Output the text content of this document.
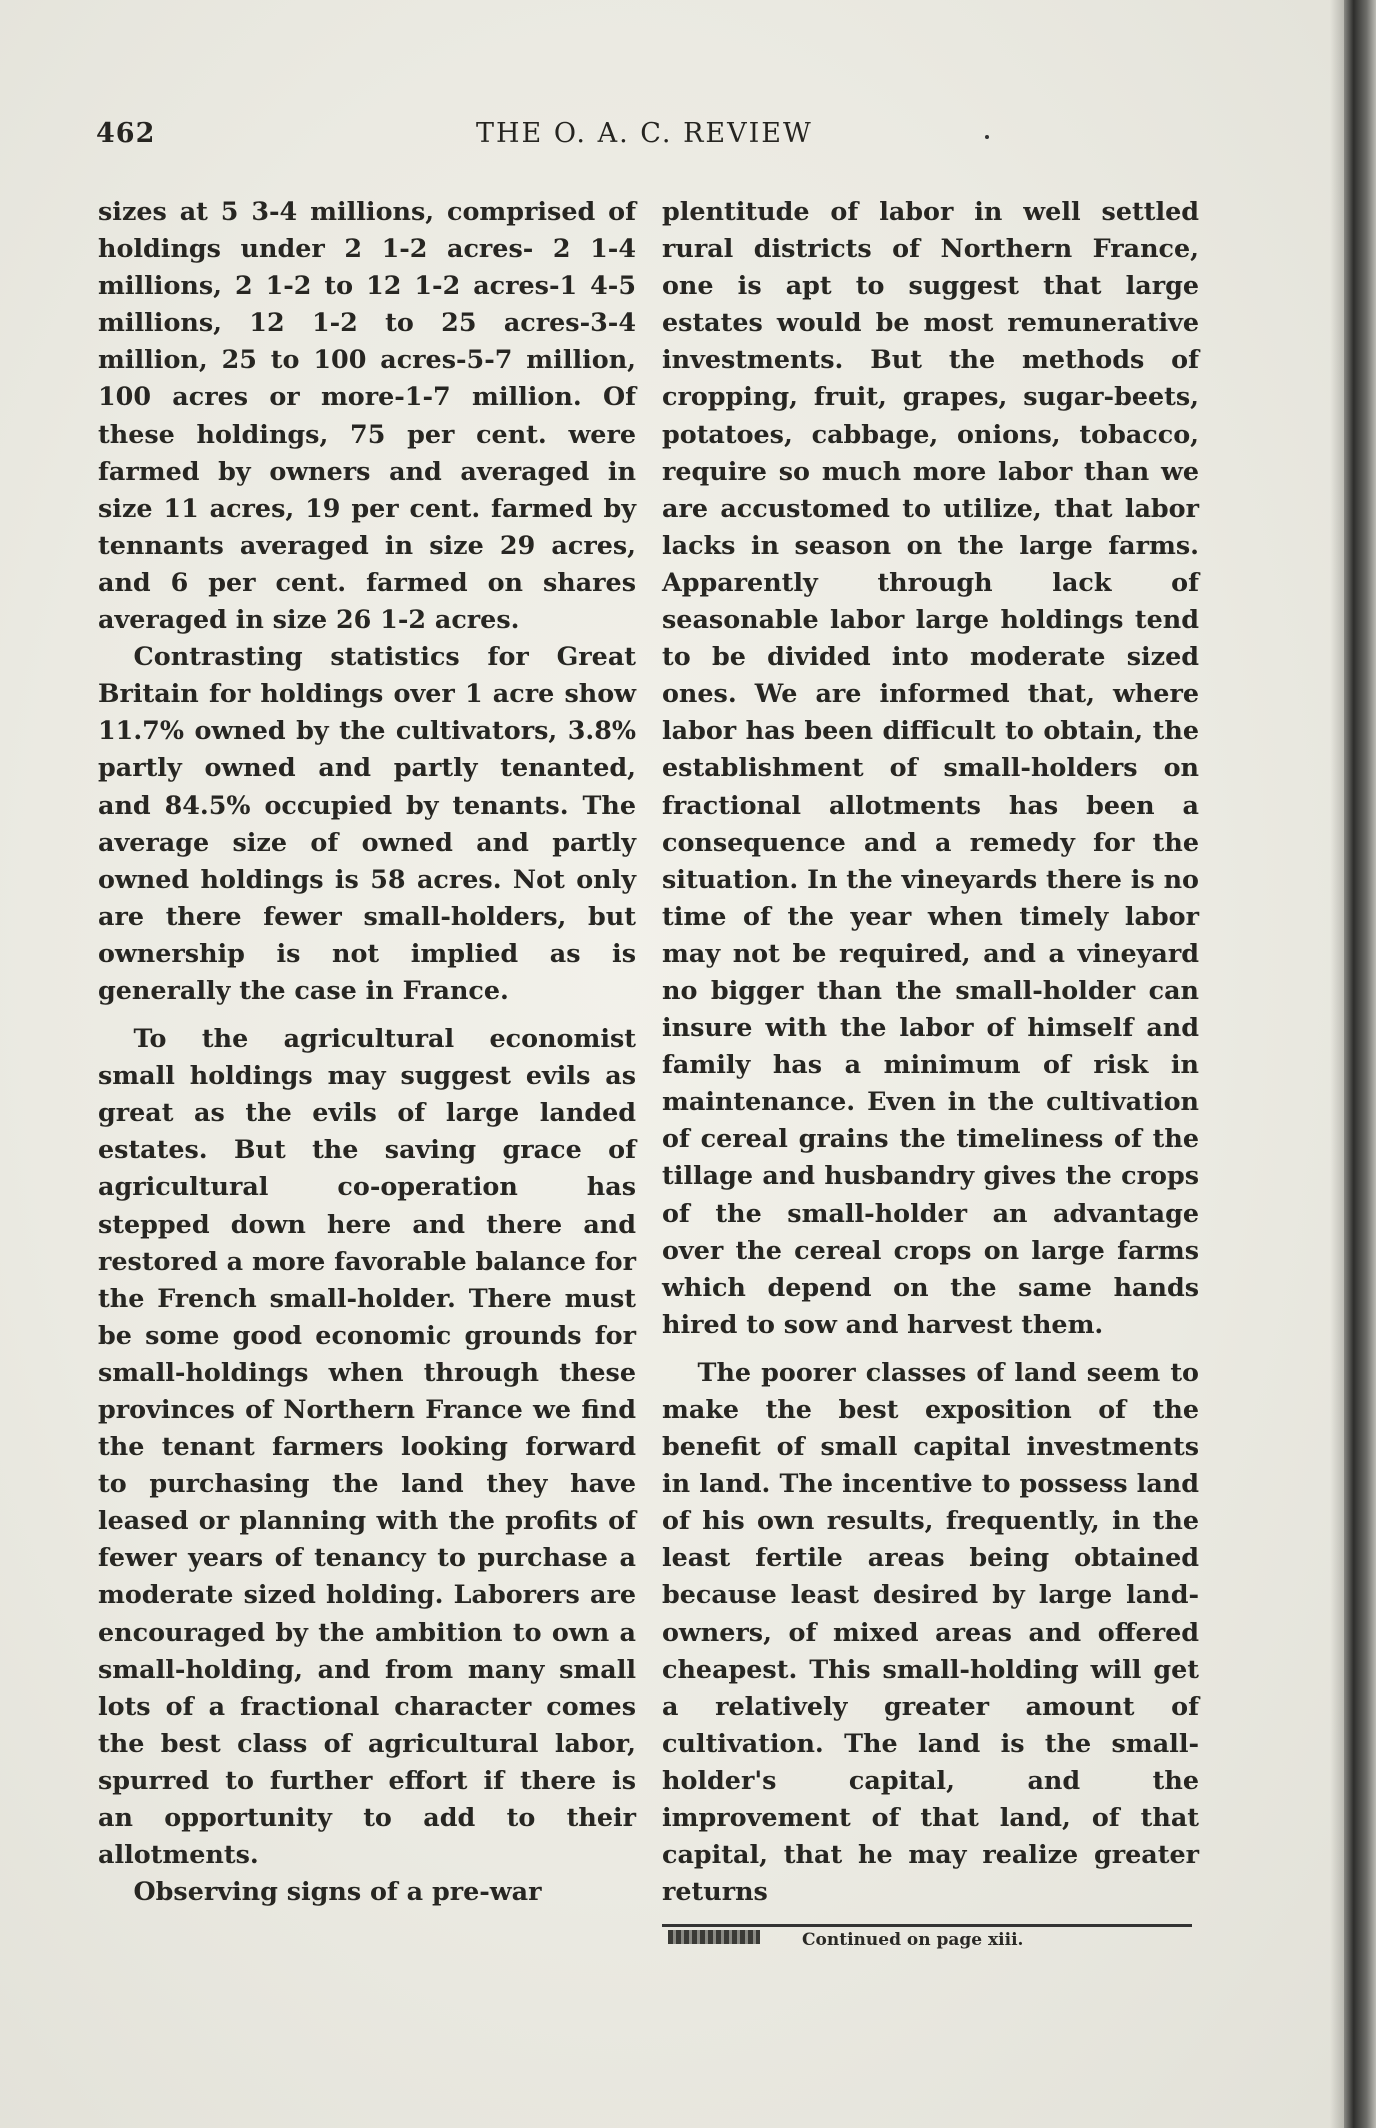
462	THE O. A. C. REVIEW

sizes at 5 3-4 millions, comprised of holdings under 2 1-2 acres- 2 1-4 millions, 2 1-2 to 12 1-2 acres-1 4-5 millions, 12 1-2 to 25 acres-3-4 million, 25 to 100 acres-5-7 million, 100 acres or more-1-7 million. Of these holdings, 75 per cent. were farmed by owners and averaged in size 11 acres, 19 per cent. farmed by tennants averaged in size 29 acres, and 6 per cent. farmed on shares averaged in size 26 1-2 acres.

Contrasting statistics for Great Britain for holdings over 1 acre show 11.7% owned by the cultivators, 3.8% partly owned and partly tenanted, and 84.5% occupied by tenants. The average size of owned and partly owned holdings is 58 acres. Not only are there fewer small-holders, but ownership is not implied as is generally the case in France.

To the agricultural economist small holdings may suggest evils as great as the evils of large landed estates. But the saving grace of agricultural co-operation has stepped down here and there and restored a more favorable balance for the French small-holder. There must be some good economic grounds for small-holdings when through these provinces of Northern France we find the tenant farmers looking forward to purchasing the land they have leased or planning with the profits of fewer years of tenancy to purchase a moderate sized holding. Laborers are encouraged by the ambition to own a small-holding, and from many small lots of a fractional character comes the best class of agricultural labor, spurred to further effort if there is an opportunity to add to their allotments.

Observing signs of a pre-war

plentitude of labor in well settled rural districts of Northern France, one is apt to suggest that large estates would be most remunerative investments. But the methods of cropping, fruit, grapes, sugar-beets, potatoes, cabbage, onions, tobacco, require so much more labor than we are accustomed to utilize, that labor lacks in season on the large farms. Apparently through lack of seasonable labor large holdings tend to be divided into moderate sized ones. We are informed that, where labor has been difficult to obtain, the establishment of small-holders on fractional allotments has been a consequence and a remedy for the situation. In the vineyards there is no time of the year when timely labor may not be required, and a vineyard no bigger than the small-holder can insure with the labor of himself and family has a minimum of risk in maintenance. Even in the cultivation of cereal grains the timeliness of the tillage and husbandry gives the crops of the small-holder an advantage over the cereal crops on large farms which depend on the same hands hired to sow and harvest them.

The poorer classes of land seem to make the best exposition of the benefit of small capital investments in land. The incentive to possess land of his own results, frequently, in the least fertile areas being obtained because least desired by large land-owners, of mixed areas and offered cheapest. This small-holding will get a relatively greater amount of cultivation. The land is the small-holder's capital, and the improvement of that land, of that capital, that he may realize greater returns

Continued on page xiii.
